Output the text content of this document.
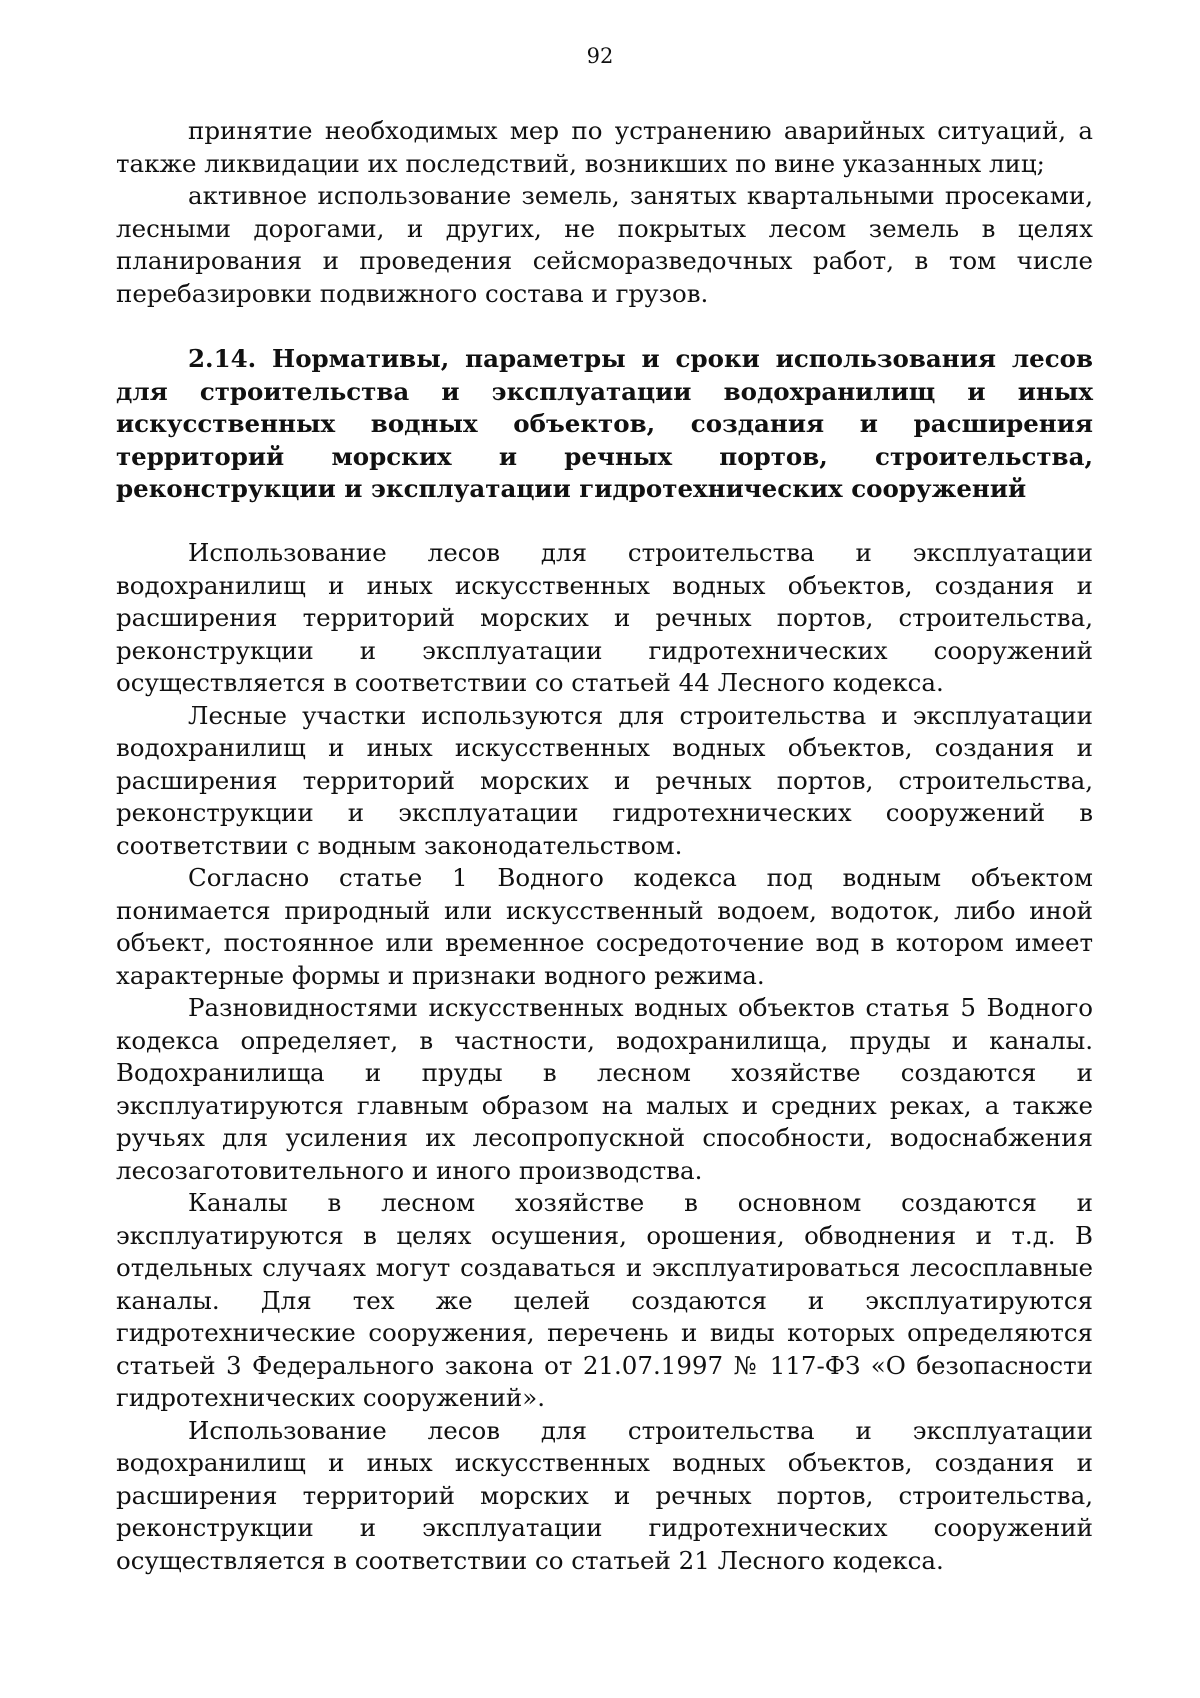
92

принятие необходимых мер по устранению аварийных ситуаций, а также ликвидации их последствий, возникших по вине указанных лиц;

активное использование земель, занятых квартальными просеками, лесными дорогами, и других, не покрытых лесом земель в целях планирования и проведения сейсморазведочных работ, в том числе перебазировки подвижного состава и грузов.

2.14. Нормативы, параметры и сроки использования лесов для строительства и эксплуатации водохранилищ и иных искусственных водных объектов, создания и расширения территорий морских и речных портов, строительства, реконструкции и эксплуатации гидротехнических сооружений

Использование лесов для строительства и эксплуатации водохранилищ и иных искусственных водных объектов, создания и расширения территорий морских и речных портов, строительства, реконструкции и эксплуатации гидротехнических сооружений осуществляется в соответствии со статьей 44 Лесного кодекса.

Лесные участки используются для строительства и эксплуатации водохранилищ и иных искусственных водных объектов, создания и расширения территорий морских и речных портов, строительства, реконструкции и эксплуатации гидротехнических сооружений в соответствии с водным законодательством.

Согласно статье 1 Водного кодекса под водным объектом понимается природный или искусственный водоем, водоток, либо иной объект, постоянное или временное сосредоточение вод в котором имеет характерные формы и признаки водного режима.

Разновидностями искусственных водных объектов статья 5 Водного кодекса определяет, в частности, водохранилища, пруды и каналы. Водохранилища и пруды в лесном хозяйстве создаются и эксплуатируются главным образом на малых и средних реках, а также ручьях для усиления их лесопропускной способности, водоснабжения лесозаготовительного и иного производства.

Каналы в лесном хозяйстве в основном создаются и эксплуатируются в целях осушения, орошения, обводнения и т.д. В отдельных случаях могут создаваться и эксплуатироваться лесосплавные каналы. Для тех же целей создаются и эксплуатируются гидротехнические сооружения, перечень и виды которых определяются статьей 3 Федерального закона от 21.07.1997 № 117-ФЗ «О безопасности гидротехнических сооружений».

Использование лесов для строительства и эксплуатации водохранилищ и иных искусственных водных объектов, создания и расширения территорий морских и речных портов, строительства, реконструкции и эксплуатации гидротехнических сооружений осуществляется в соответствии со статьей 21 Лесного кодекса.
